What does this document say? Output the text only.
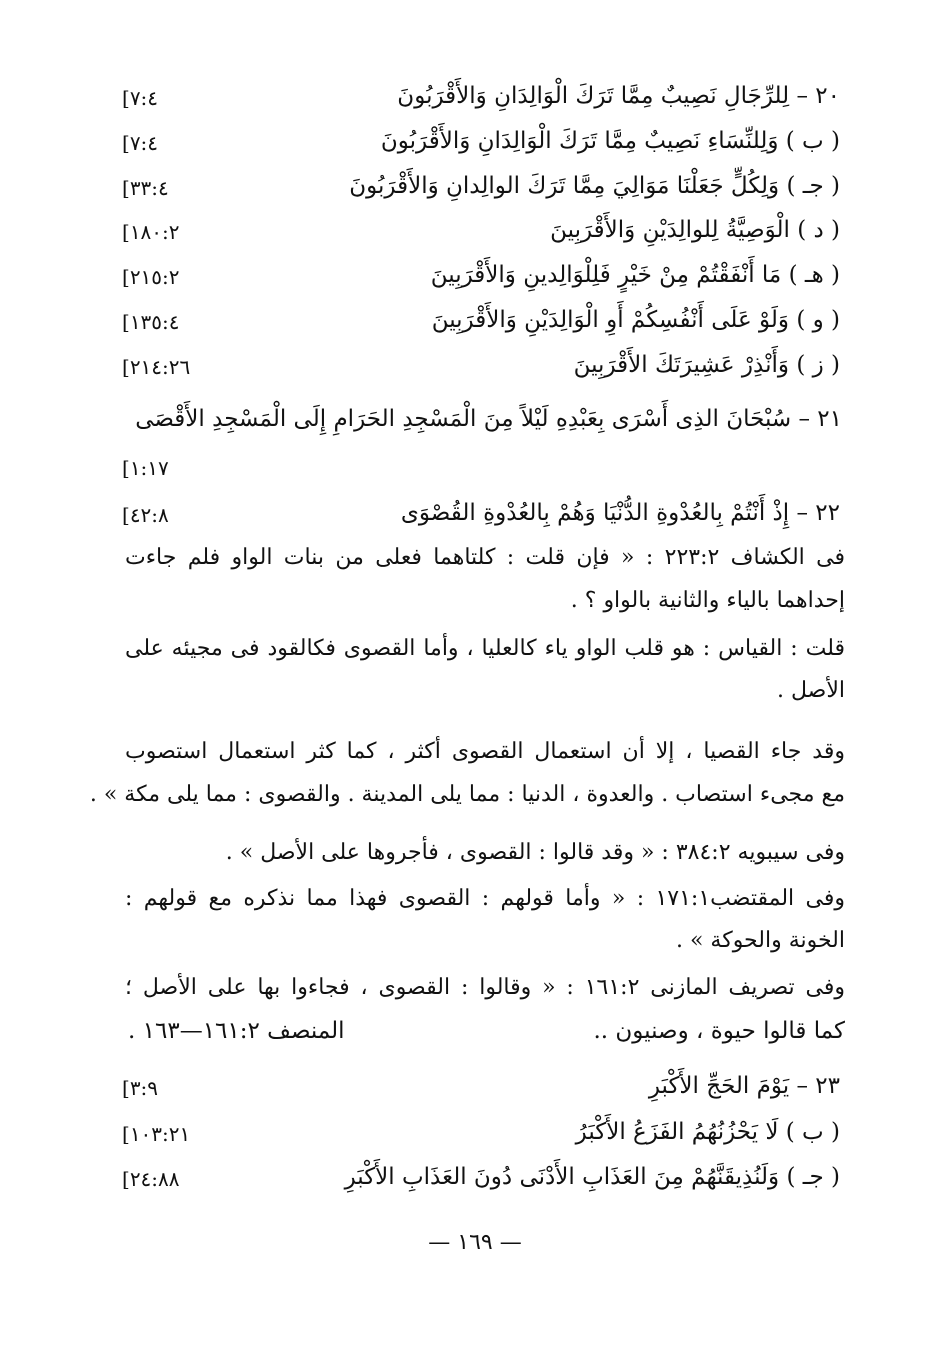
٢٠ – لِلرِّجَالِ نَصِيبٌ مِمَّا تَرَكَ الْوَالِدَانِ وَالأَقْرَبُونَ
[٧:٤
( ب ) وَلِلنِّسَاءِ نَصِيبٌ مِمَّا تَرَكَ الْوَالِدَانِ وَالأَقْرَبُونَ
[٧:٤
( جـ ) وَلِكُلٍّ جَعَلْنَا مَوَالِيَ مِمَّا تَرَكَ الوالِدانِ وَالأَقْرَبُونَ
[٣٣:٤
( د ) الْوَصِيَّةُ لِلوالِدَيْنِ وَالأَقْرَبِينَ
[١٨٠:٢
( هـ ) مَا أَنْفَقْتُمْ مِنْ خَيْرٍ فَلِلْوَالِدينِ وَالأَقْرَبِينَ
[٢١٥:٢
( و ) وَلَوْ عَلَى أَنْفُسِكُمْ أَوِ الْوَالِدَيْنِ وَالأَقْرَبِينَ
[١٣٥:٤
( ز ) وَأَنْذِرْ عَشِيرَتَكَ الأَقْرَبِينَ
[٢١٤:٢٦
٢١ – سُبْحَانَ الذِى أَسْرَى بِعَبْدِهِ لَيْلاً مِنَ الْمَسْجِدِ الحَرَامِ إِلَى الْمَسْجِدِ الأَقْصَى
[١:١٧
٢٢ – إِذْ أَنْتُمْ بِالعُدْوةِ الدُّنْيَا وَهُمْ بِالعُدْوةِ القُصْوَى
[٤٢:٨
فى الكشاف ٢٢٣:٢ : « فإن قلت : كلتاهما فعلى من بنات الواو فلم جاءت
إحداهما بالياء والثانية بالواو ؟ .
قلت : القياس : هو قلب الواو ياء كالعليا ، وأما القصوى فكالقود فى مجيئه على
الأصل .
وقد جاء القصيا ، إلا أن استعمال القصوى أكثر ، كما كثر استعمال استصوب
مع مجىء استصاب . والعدوة ، الدنيا : مما يلى المدينة . والقصوى : مما يلى مكة » .
وفى سيبويه ٣٨٤:٢ : « وقد قالوا : القصوى ، فأجروها على الأصل » .
وفى المقتضب١٧١:١ : « وأما قولهم : القصوى فهذا مما نذكره مع قولهم :
الخونة والحوكة » .
وفى تصريف المازنى ١٦١:٢ : « وقالوا : القصوى ، فجاءوا بها على الأصل ؛
كما قالوا حيوة ، وصنيون ..
المنصف ١٦١:٢—١٦٣ .
٢٣ – يَوْمَ الحَجِّ الأَكْبَرِ
[٣:٩
( ب ) لَا يَحْزُنُهُمُ الفَزَعُ الأَكْبَرُ
[١٠٣:٢١
( جـ ) وَلَنُذِيقَنَّهُمْ مِنَ العَذَابِ الأَدْنَى دُونَ العَذَابِ الأَكْبَرِ
[٢٤:٨٨
— ١٦٩ —
